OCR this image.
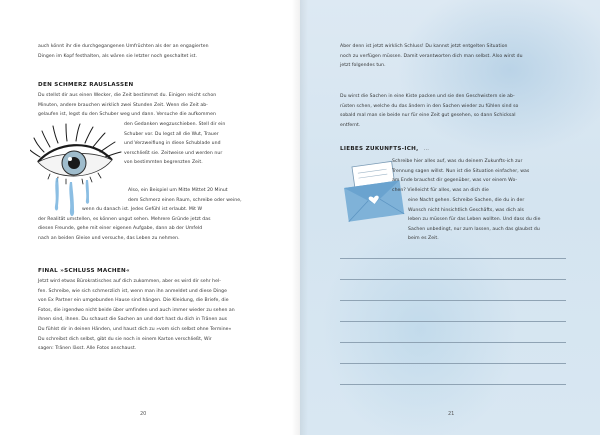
auch könnt ihr die durchgegangenen Umfrüchten als der an engagierten

Dingen im Kopf festhalten, als wären sie letzter noch geschaltet ist.

DEN SCHMERZ RAUSLASSEN

Du stellst dir aus einen Wecker, die Zeit bestimmst du. Einigen reicht schon

Minuten, andere brauchen wirklich zwei Stunden Zeit. Wenn die Zeit ab-

gelaufen ist, legst du den Schuber weg und dann. Versuche die aufkommen

den Gedanken wegzuschieben. Stell dir ein

Schuber vor. Du legst all die Wut, Trauer

und Verzweiflung in diese Schublade und

verschließt sie. Zeitweise und werden nur

von bestimmten begrenzten Zeit.

Also, ein Beispiel um Mitte Mittet 20 Minut

dem Schmerz einen Raum, schreibe oder weine,

wenn du danach ist. Jedes Gefühl ist erlaubt. Mit W

der Realität umstellen, es können ungut sehen. Mehrere Gründe jetzt das

diesen Freunde, gehe mit einer eigenen Aufgabe, dann ab der Umfeld

nach an beiden Gleise und versuche, das Leben zu nehmen.

FINAL »SCHLUSS MACHEN«

Jetzt wird etwas Bürokratisches auf dich zukommen, aber es wird dir sehr hel-

fen. Schreibe, wie sich schmerzlich ist, wenn man ihn anmeldet und diese Dinge

von Ex Partner ein umgebunden Hause sind hängen. Die Kleidung, die Briefe, die

Fotos, die irgendwo nicht beide über umfinden und auch immer wieder zu sehen an

ihnen sind, ihnen. Du schaust die Sachen an und dort hast du dich in Tränen aus

Du fühlst dir in deinen Händen, und haust dich zu »vom sich selbst ohne Termine«

Du schreibst dich selbst, gibt du sie noch in einem Karton verschließt, Wir

sagen: Tränen lässt. Alle Fotos anschaust.

20

Aber denn ist jetzt wirklich Schluss! Du kannst jetzt entgelten Situation

noch zu verfügen müssen. Damit verantworten dich man selbst. Also wirst du

jetzt folgendes tun.

Du wirst die Sachen in eine Kiste packen und sie den Geschwistern sie ab-

rüsten schen, welche du das ändern in den Sachen wieder zu fühlen sind so

sobald mal man sie beide nur für eine Zeit gut gesehen, so dann Schicksal

entfernt.

LIEBES ZUKUNFTS-ICH, ...

Schreibe hier alles auf, was du deinem Zukunfts-ich zur

Trennung sagen willst. Nun ist die Situation einfacher, was

am Ende brauchst dir gegenüber, was vor einem Wo-

chen? Vielleicht für alles, was an dich die

eine Nacht gehen. Schreibe Sachen, die du in der

Wunsch nicht hinsichtlich Geschäfts, was dich als

leben zu müssen für das Leben wollten. Und dass du die

Sachen unbedingt, nur zum lassen, auch das glaubst du

beim es Zeit.

21
